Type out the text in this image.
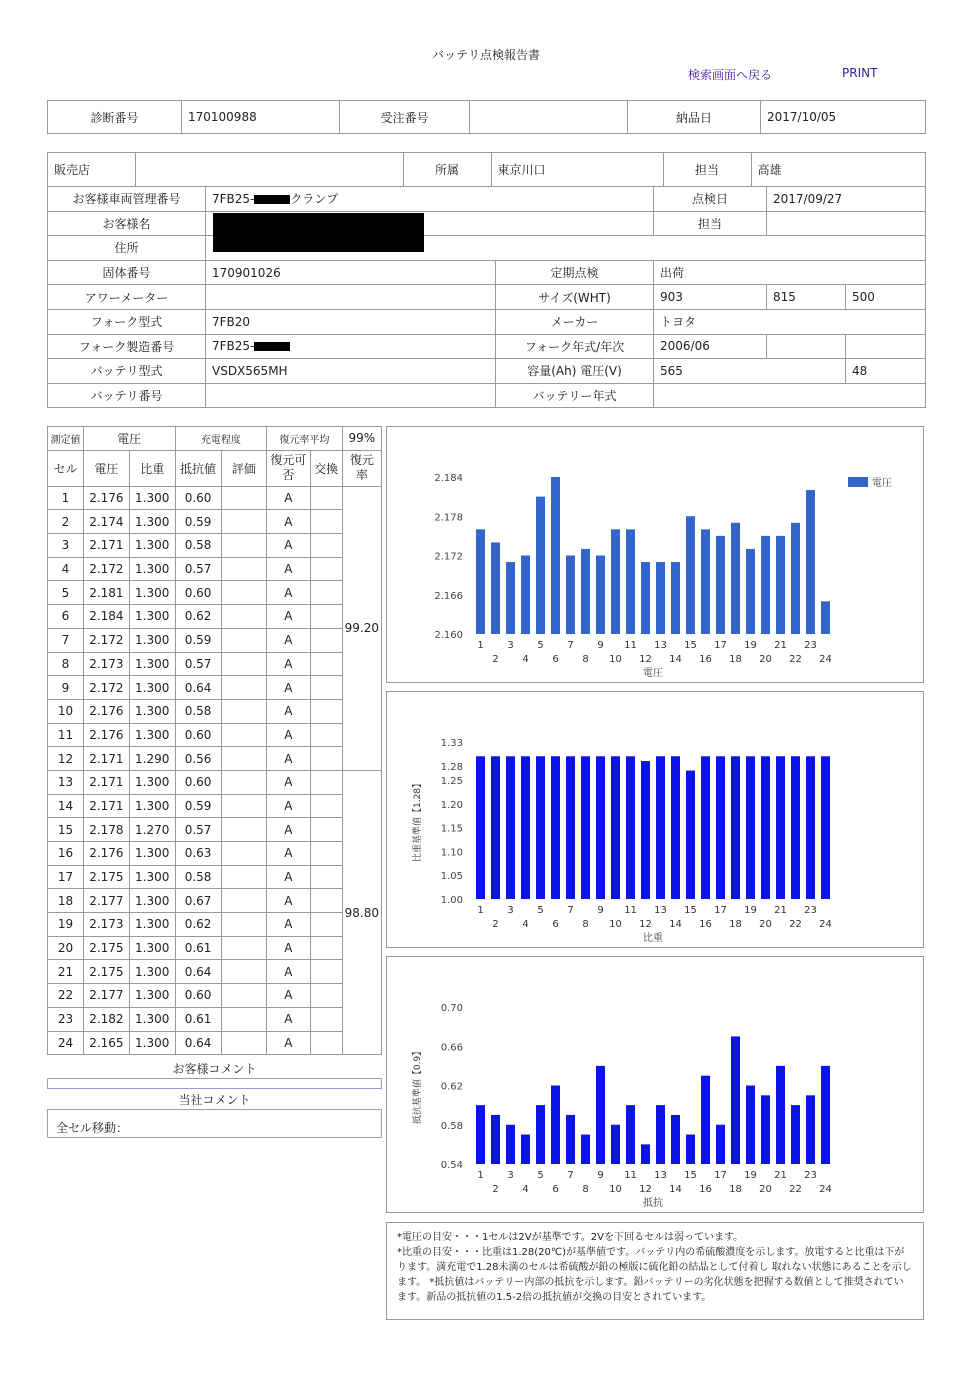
バッテリ点検報告書
検索画面へ戻る	PRINT
診断番号	170100988	受注番号		納品日	2017/10/05
販売店		所属	東京川口	担当	高雄

お客様車両管理番号	7FB25-	クランプ	点検日	2017/09/27
お客様名		担当	
住所	
固体番号	170901026	定期点検	出荷
アワーメーター		サイズ(WHT)	903	815	500
フォーク型式	7FB20	メーカー	トヨタ
フォーク製造番号	7FB25-	フォーク年式/年次	2006/06		
バッテリ型式	VSDX565MH	容量(Ah) 電圧(V)	565	48
バッテリ番号		バッテリー年式	
測定値	電圧		充電程度		復元率平均		99%
セル	電圧	比重	抵抗値	評価	復元可否	交換	復元率
1	2.176	1.300	0.60		A		99.20
2	2.174	1.300	0.59		A		
3	2.171	1.300	0.58		A		
4	2.172	1.300	0.57		A		
5	2.181	1.300	0.60		A		
6	2.184	1.300	0.62		A		
7	2.172	1.300	0.59		A		
8	2.173	1.300	0.57		A		
9	2.172	1.300	0.64		A		
10	2.176	1.300	0.58		A		
11	2.176	1.300	0.60		A		
12	2.171	1.290	0.56		A		
13	2.171	1.300	0.60		A		98.80
14	2.171	1.300	0.59		A		
15	2.178	1.270	0.57		A		
16	2.176	1.300	0.63		A		
17	2.175	1.300	0.58		A		
18	2.177	1.300	0.67		A		
19	2.173	1.300	0.62		A		
20	2.175	1.300	0.61		A		
21	2.175	1.300	0.64		A		
22	2.177	1.300	0.60		A		
23	2.182	1.300	0.61		A		
24	2.165	1.300	0.64		A		
お客様コメント
当社コメント
全セル移動：
2.160
2.166
2.172
2.178
2.184
1
2
3
4
5
6
7
8
9
10
11
12
13
14
15
16
17
18
19
20
21
22
23
24
電圧
電圧
1.00
1.05
1.10
1.15
1.20
1.25
1.28
1.33
1
2
3
4
5
6
7
8
9
10
11
12
13
14
15
16
17
18
19
20
21
22
23
24
比重
比重基準値【1.28】
0.54
0.58
0.62
0.66
0.70
1
2
3
4
5
6
7
8
9
10
11
12
13
14
15
16
17
18
19
20
21
22
23
24
抵抗
抵抗基準値【0.9】
*電圧の目安・・・1セルは2Vが基準です。2Vを下回るセルは弱っています。
*比重の目安・・・比重は1.28(20℃)が基準値です。バッテリ内の希硫酸濃度を示します。放電すると比重は下がります。満充電で1.28未満のセルは希硫酸が鉛の極版に硫化鉛の結晶として付着し 取れない状態にあることを示します。 *抵抗値はバッテリー内部の抵抗を示します。鉛バッテリーの劣化状態を把握する数値として推奨されています。新品の抵抗値の1.5-2倍の抵抗値が交換の目安とされています。
